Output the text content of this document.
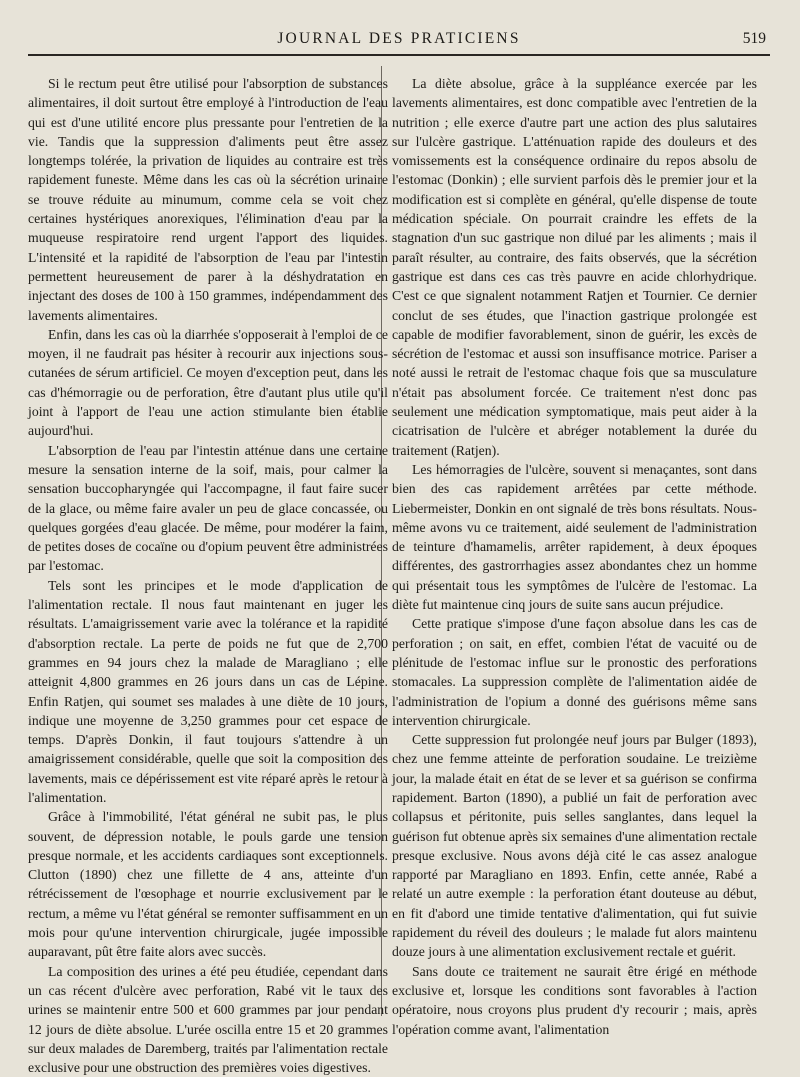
JOURNAL DES PRATICIENS	519

Si le rectum peut être utilisé pour l'absorption de substances alimentaires, il doit surtout être employé à l'introduction de l'eau qui est d'une utilité encore plus pressante pour l'entretien de la vie. Tandis que la suppression d'aliments peut être assez longtemps tolérée, la privation de liquides au contraire est très rapidement funeste. Même dans les cas où la sécrétion urinaire se trouve réduite au minumum, comme cela se voit chez certaines hystériques anorexiques, l'élimination d'eau par la muqueuse respiratoire rend urgent l'apport des liquides. L'intensité et la rapidité de l'absorption de l'eau par l'intestin permettent heureusement de parer à la déshydratation en injectant des doses de 100 à 150 grammes, indépendamment des lavements alimentaires.

Enfin, dans les cas où la diarrhée s'opposerait à l'emploi de ce moyen, il ne faudrait pas hésiter à recourir aux injections sous-cutanées de sérum artificiel. Ce moyen d'exception peut, dans les cas d'hémorragie ou de perforation, être d'autant plus utile qu'il joint à l'apport de l'eau une action stimulante bien établie aujourd'hui.

L'absorption de l'eau par l'intestin atténue dans une certaine mesure la sensation interne de la soif, mais, pour calmer la sensation buccopharyngée qui l'accompagne, il faut faire sucer de la glace, ou même faire avaler un peu de glace concassée, ou quelques gorgées d'eau glacée. De même, pour modérer la faim, de petites doses de cocaïne ou d'opium peuvent être administrées par l'estomac.

Tels sont les principes et le mode d'application de l'alimentation rectale. Il nous faut maintenant en juger les résultats. L'amaigrissement varie avec la tolérance et la rapidité d'absorption rectale. La perte de poids ne fut que de 2,700 grammes en 94 jours chez la malade de Maragliano ; elle atteignit 4,800 grammes en 26 jours dans un cas de Lépine. Enfin Ratjen, qui soumet ses malades à une diète de 10 jours, indique une moyenne de 3,250 grammes pour cet espace de temps. D'après Donkin, il faut toujours s'attendre à un amaigrissement considérable, quelle que soit la composition des lavements, mais ce dépérissement est vite réparé après le retour à l'alimentation.

Grâce à l'immobilité, l'état général ne subit pas, le plus souvent, de dépression notable, le pouls garde une tension presque normale, et les accidents cardiaques sont exceptionnels. Clutton (1890) chez une fillette de 4 ans, atteinte d'un rétrécissement de l'œsophage et nourrie exclusivement par le rectum, a même vu l'état général se remonter suffisamment en un mois pour qu'une intervention chirurgicale, jugée impossible auparavant, pût être faite alors avec succès.

La composition des urines a été peu étudiée, cependant dans un cas récent d'ulcère avec perforation, Rabé vit le taux des urines se maintenir entre 500 et 600 grammes par jour pendant 12 jours de diète absolue. L'urée oscilla entre 15 et 20 grammes sur deux malades de Daremberg, traités par l'alimentation rectale exclusive pour une obstruction des premières voies digestives.

La diète absolue, grâce à la suppléance exercée par les lavements alimentaires, est donc compatible avec l'entretien de la nutrition ; elle exerce d'autre part une action des plus salutaires sur l'ulcère gastrique. L'atténuation rapide des douleurs et des vomissements est la conséquence ordinaire du repos absolu de l'estomac (Donkin) ; elle survient parfois dès le premier jour et la modification est si complète en général, qu'elle dispense de toute médication spéciale. On pourrait craindre les effets de la stagnation d'un suc gastrique non dilué par les aliments ; mais il paraît résulter, au contraire, des faits observés, que la sécrétion gastrique est dans ces cas très pauvre en acide chlorhydrique. C'est ce que signalent notamment Ratjen et Tournier. Ce dernier conclut de ses études, que l'inaction gastrique prolongée est capable de modifier favorablement, sinon de guérir, les excès de sécrétion de l'estomac et aussi son insuffisance motrice. Pariser a noté aussi le retrait de l'estomac chaque fois que sa musculature n'était pas absolument forcée. Ce traitement n'est donc pas seulement une médication symptomatique, mais peut aider à la cicatrisation de l'ulcère et abréger notablement la durée du traitement (Ratjen).

Les hémorragies de l'ulcère, souvent si menaçantes, sont dans bien des cas rapidement arrêtées par cette méthode. Liebermeister, Donkin en ont signalé de très bons résultats. Nous-même avons vu ce traitement, aidé seulement de l'administration de teinture d'hamamelis, arrêter rapidement, à deux époques différentes, des gastrorrhagies assez abondantes chez un homme qui présentait tous les symptômes de l'ulcère de l'estomac. La diète fut maintenue cinq jours de suite sans aucun préjudice.

Cette pratique s'impose d'une façon absolue dans les cas de perforation ; on sait, en effet, combien l'état de vacuité ou de plénitude de l'estomac influe sur le pronostic des perforations stomacales. La suppression complète de l'alimentation aidée de l'administration de l'opium a donné des guérisons même sans intervention chirurgicale.

Cette suppression fut prolongée neuf jours par Bulger (1893), chez une femme atteinte de perforation soudaine. Le treizième jour, la malade était en état de se lever et sa guérison se confirma rapidement. Barton (1890), a publié un fait de perforation avec collapsus et péritonite, puis selles sanglantes, dans lequel la guérison fut obtenue après six semaines d'une alimentation rectale presque exclusive. Nous avons déjà cité le cas assez analogue rapporté par Maragliano en 1893. Enfin, cette année, Rabé a relaté un autre exemple : la perforation étant douteuse au début, en fit d'abord une timide tentative d'alimentation, qui fut suivie rapidement du réveil des douleurs ; le malade fut alors maintenu douze jours à une alimentation exclusivement rectale et guérit.

Sans doute ce traitement ne saurait être érigé en méthode exclusive et, lorsque les conditions sont favorables à l'action opératoire, nous croyons plus prudent d'y recourir ; mais, après l'opération comme avant, l'alimentation
